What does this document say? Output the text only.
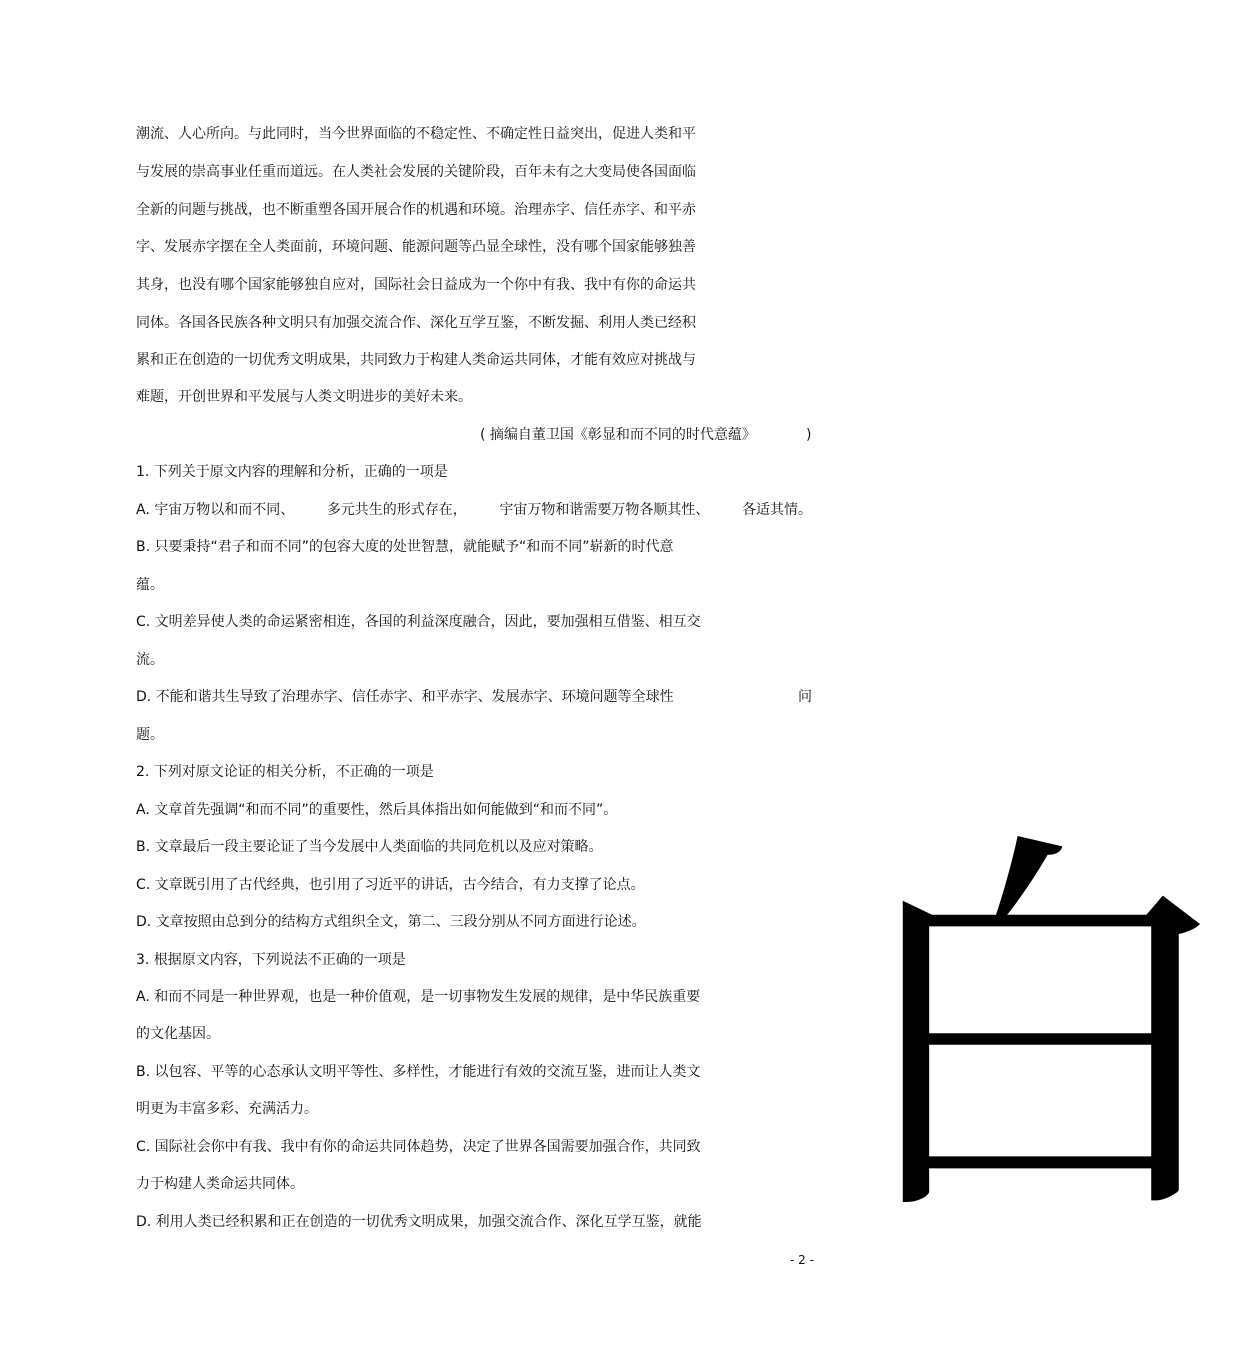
潮流、人心所向。与此同时，当今世界面临的不稳定性、不确定性日益突出，促进人类和平
与发展的崇高事业任重而道远。在人类社会发展的关键阶段，百年未有之大变局使各国面临
全新的问题与挑战，也不断重塑各国开展合作的机遇和环境。治理赤字、信任赤字、和平赤
字、发展赤字摆在全人类面前，环境问题、能源问题等凸显全球性，没有哪个国家能够独善
其身，也没有哪个国家能够独自应对，国际社会日益成为一个你中有我、我中有你的命运共
同体。各国各民族各种文明只有加强交流合作、深化互学互鉴，不断发掘、利用人类已经积
累和正在创造的一切优秀文明成果，共同致力于构建人类命运共同体，才能有效应对挑战与
难题，开创世界和平发展与人类文明进步的美好未来。
( 摘编自董卫国《彰显和而不同的时代意蕴》	)
1. 下列关于原文内容的理解和分析，正确的一项是
A. 宇宙万物以和而不同、 多元共生的形式存在， 宇宙万物和谐需要万物各顺其性、 各适其情。
B. 只要秉持“君子和而不同”的包容大度的处世智慧，就能赋予“和而不同”崭新的时代意
蕴。
C. 文明差异使人类的命运紧密相连，各国的利益深度融合，因此，要加强相互借鉴、相互交
流。
D. 不能和谐共生导致了治理赤字、信任赤字、和平赤字、发展赤字、环境问题等全球性	问
题。
2. 下列对原文论证的相关分析，不正确的一项是
A. 文章首先强调“和而不同”的重要性，然后具体指出如何能做到“和而不同”。
B. 文章最后一段主要论证了当今发展中人类面临的共同危机以及应对策略。
C. 文章既引用了古代经典，也引用了习近平的讲话，古今结合，有力支撑了论点。
D. 文章按照由总到分的结构方式组织全文，第二、三段分别从不同方面进行论述。
3. 根据原文内容，下列说法不正确的一项是
A. 和而不同是一种世界观，也是一种价值观，是一切事物发生发展的规律，是中华民族重要
的文化基因。
B. 以包容、平等的心态承认文明平等性、多样性，才能进行有效的交流互鉴，进而让人类文
明更为丰富多彩、充满活力。
C. 国际社会你中有我、我中有你的命运共同体趋势，决定了世界各国需要加强合作，共同致
力于构建人类命运共同体。
D. 利用人类已经积累和正在创造的一切优秀文明成果，加强交流合作、深化互学互鉴，就能 白
- 2 -
